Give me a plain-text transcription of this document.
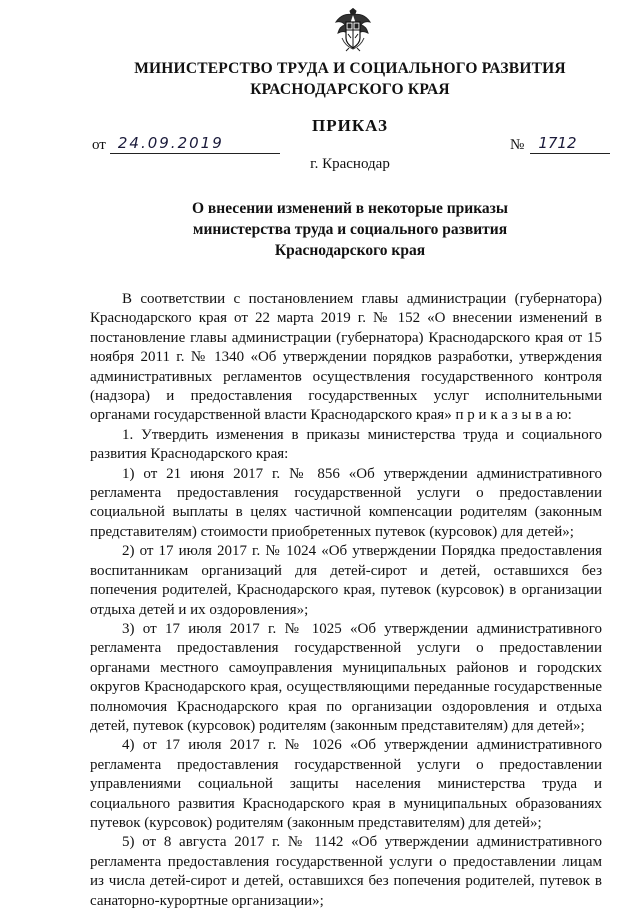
МИНИСТЕРСТВО ТРУДА И СОЦИАЛЬНОГО РАЗВИТИЯ
КРАСНОДАРСКОГО КРАЯ
ПРИКАЗ
от 24.09.2019	№ 1712
г. Краснодар
О внесении изменений в некоторые приказы
министерства труда и социального развития
Краснодарского края

В соответствии с постановлением главы администрации (губернатора) Краснодарского края от 22 марта 2019 г. № 152 «О внесении изменений в постановление главы администрации (губернатора) Краснодарского края от 15 ноября 2011 г. № 1340 «Об утверждении порядков разработки, утверждения административных регламентов осуществления государственного контроля (надзора) и предоставления государственных услуг исполнительными органами государственной власти Краснодарского края» п р и к а з ы в а ю:

1. Утвердить изменения в приказы министерства труда и социального развития Краснодарского края:

1) от 21 июня 2017 г. № 856 «Об утверждении административного регламента предоставления государственной услуги о предоставлении социальной выплаты в целях частичной компенсации родителям (законным представителям) стоимости приобретенных путевок (курсовок) для детей»;

2) от 17 июля 2017 г. № 1024 «Об утверждении Порядка предоставления воспитанникам организаций для детей-сирот и детей, оставшихся без попечения родителей, Краснодарского края, путевок (курсовок) в организации отдыха детей и их оздоровления»;

3) от 17 июля 2017 г. № 1025 «Об утверждении административного регламента предоставления государственной услуги о предоставлении органами местного самоуправления муниципальных районов и городских округов Краснодарского края, осуществляющими переданные государственные полномочия Краснодарского края по организации оздоровления и отдыха детей, путевок (курсовок) родителям (законным представителям) для детей»;

4) от 17 июля 2017 г. № 1026 «Об утверждении административного регламента предоставления государственной услуги о предоставлении управлениями социальной защиты населения министерства труда и социального развития Краснодарского края в муниципальных образованиях путевок (курсовок) родителям (законным представителям) для детей»;

5) от 8 августа 2017 г. № 1142 «Об утверждении административного регламента предоставления государственной услуги о предоставлении лицам из числа детей-сирот и детей, оставшихся без попечения родителей, путевок в санаторно-курортные организации»;
